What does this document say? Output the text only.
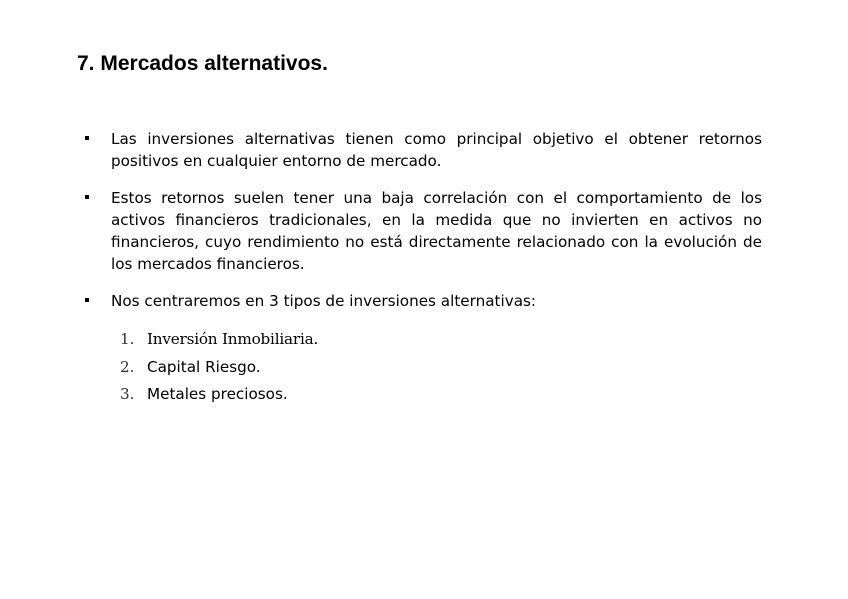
7. Mercados alternativos.
Las inversiones alternativas tienen como principal objetivo el obtener retornos positivos en cualquier entorno de mercado.
Estos retornos suelen tener una baja correlación con el comportamiento de los activos financieros tradicionales, en la medida que no invierten en activos no financieros, cuyo rendimiento no está directamente relacionado con la evolución de los mercados financieros.
Nos centraremos en 3 tipos de inversiones alternativas:
1. Inversión Inmobiliaria.
2. Capital Riesgo.
3. Metales preciosos.
